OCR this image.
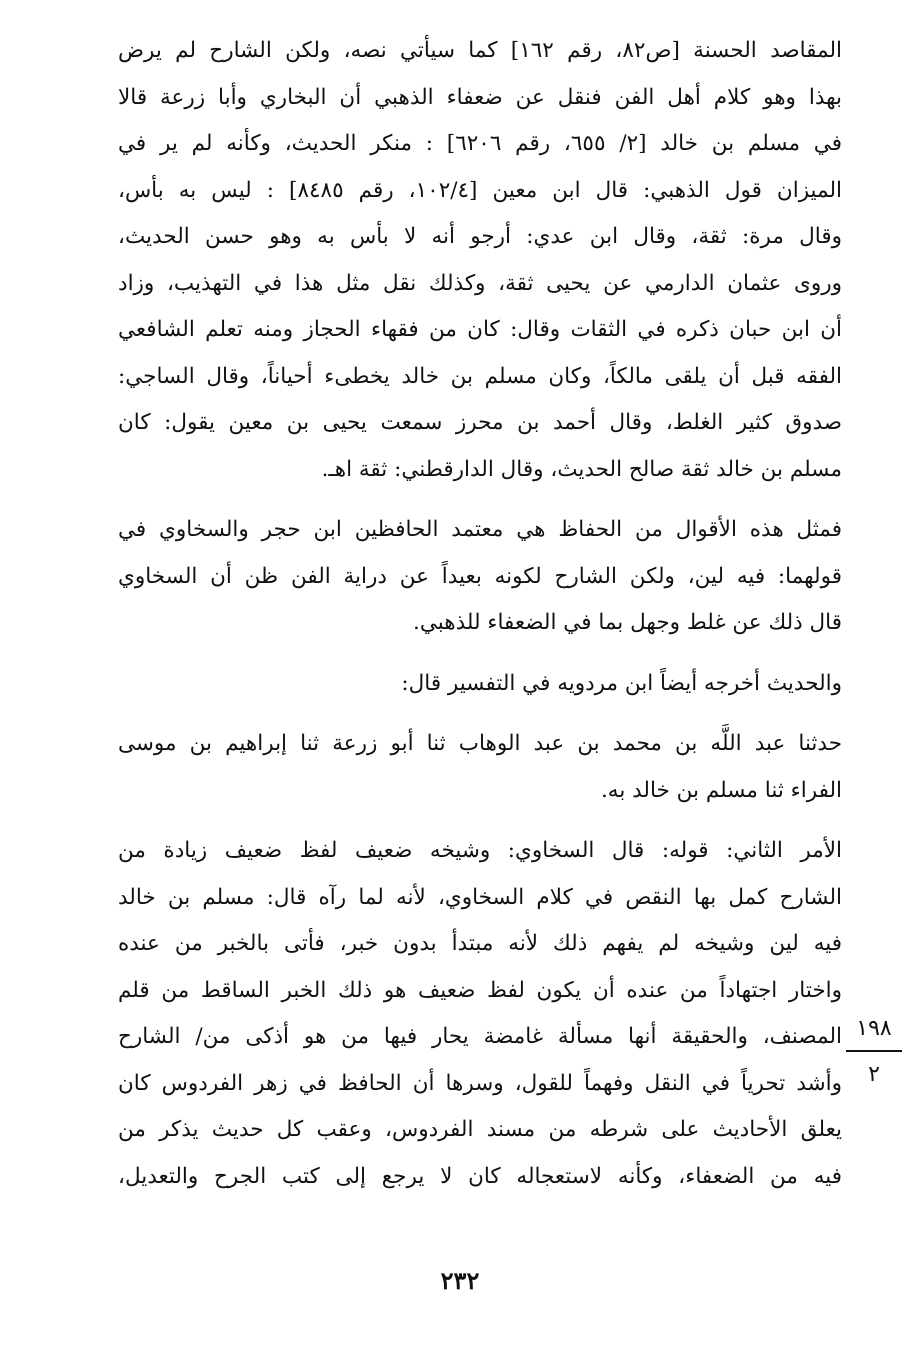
المقاصد الحسنة [ص٨٢، رقم ١٦٢] كما سيأتي نصه، ولكن الشارح لم يرض
بهذا وهو كلام أهل الفن فنقل عن ضعفاء الذهبي أن البخاري وأبا زرعة قالا
في مسلم بن خالد [٢/ ٦٥٥، رقم ٦٢٠٦] : منكر الحديث، وكأنه لم ير في
الميزان قول الذهبي: قال ابن معين [١٠٢/٤، رقم ٨٤٨٥] : ليس به بأس،
وقال مرة: ثقة، وقال ابن عدي: أرجو أنه لا بأس به وهو حسن الحديث،
وروى عثمان الدارمي عن يحيى ثقة، وكذلك نقل مثل هذا في التهذيب، وزاد
أن ابن حبان ذكره في الثقات وقال: كان من فقهاء الحجاز ومنه تعلم الشافعي
الفقه قبل أن يلقى مالكاً، وكان مسلم بن خالد يخطىء أحياناً، وقال الساجي:
صدوق كثير الغلط، وقال أحمد بن محرز سمعت يحيى بن معين يقول: كان
مسلم بن خالد ثقة صالح الحديث، وقال الدارقطني: ثقة اهـ.

فمثل هذه الأقوال من الحفاظ هي معتمد الحافظين ابن حجر والسخاوي في
قولهما: فيه لين، ولكن الشارح لكونه بعيداً عن دراية الفن ظن أن السخاوي
قال ذلك عن غلط وجهل بما في الضعفاء للذهبي.

والحديث أخرجه أيضاً ابن مردويه في التفسير قال:

حدثنا عبد اللَّه بن محمد بن عبد الوهاب ثنا أبو زرعة ثنا إبراهيم بن موسى
الفراء ثنا مسلم بن خالد به.

الأمر الثاني: قوله: قال السخاوي: وشيخه ضعيف لفظ ضعيف زيادة من
الشارح كمل بها النقص في كلام السخاوي، لأنه لما رآه قال: مسلم بن خالد
فيه لين وشيخه لم يفهم ذلك لأنه مبتدأ بدون خبر، فأتى بالخبر من عنده
واختار اجتهاداً من عنده أن يكون لفظ ضعيف هو ذلك الخبر الساقط من قلم
المصنف، والحقيقة أنها مسألة غامضة يحار فيها من هو أذكى من/ الشارح
وأشد تحرياً في النقل وفهماً للقول، وسرها أن الحافظ في زهر الفردوس كان
يعلق الأحاديث على شرطه من مسند الفردوس، وعقب كل حديث يذكر من
فيه من الضعفاء، وكأنه لاستعجاله كان لا يرجع إلى كتب الجرح والتعديل،

١٩٨
٢
٢٣٢
